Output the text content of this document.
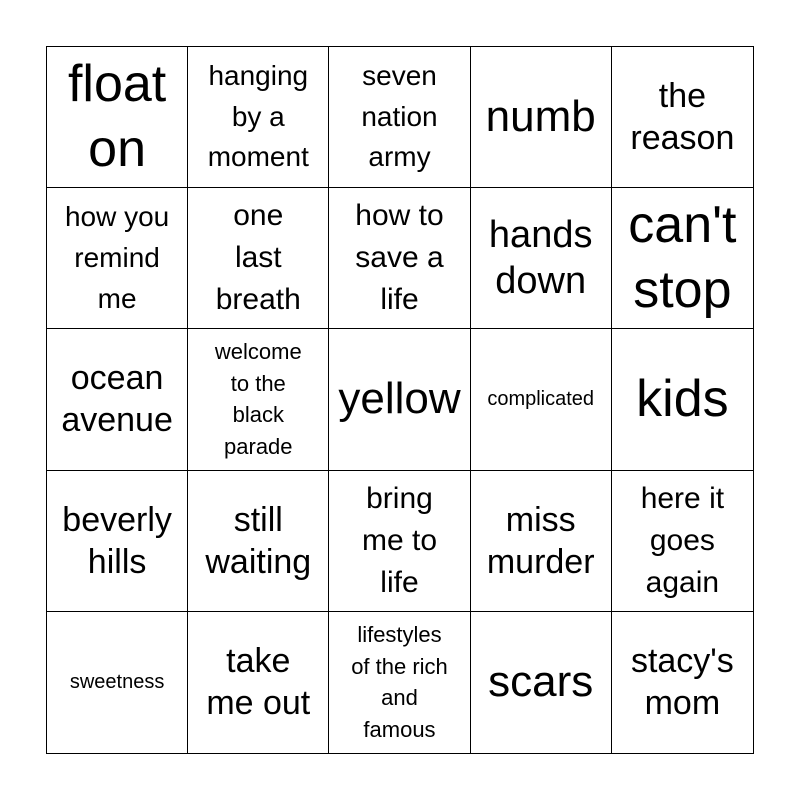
float
on
hanging
by a
moment
seven
nation
army
numb	the
reason
how you
remind
me
one
last
breath
how to
save a
life
hands
down
can't
stop
ocean
avenue
welcome
to the
black
parade
yellow complicated kids
beverly
hills
still
waiting
bring
me to
life
miss
murder
here it
goes
again
sweetness
take
me out
lifestyles
of the rich
and
famous
scars stacy's
mom
